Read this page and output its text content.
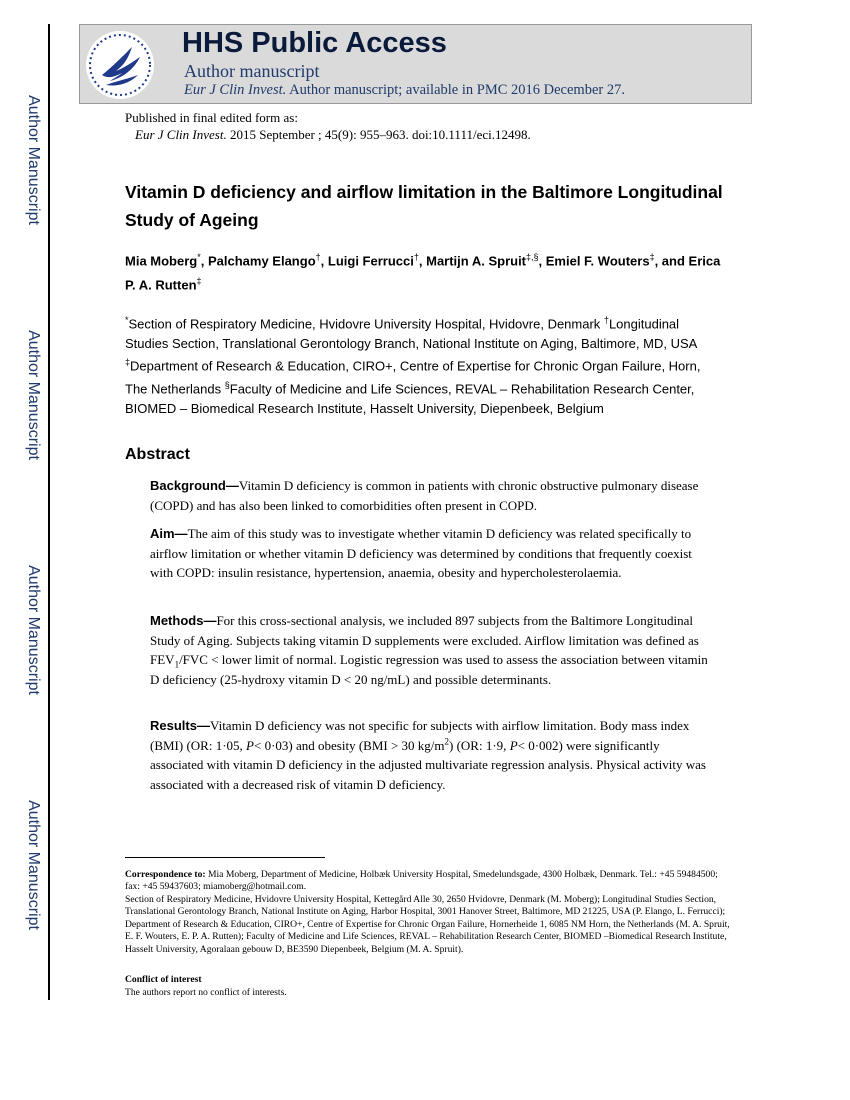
Author Manuscript
Author Manuscript
Author Manuscript
Author Manuscript
HHS Public Access
Author manuscript
Eur J Clin Invest. Author manuscript; available in PMC 2016 December 27.
Published in final edited form as:
Eur J Clin Invest. 2015 September ; 45(9): 955–963. doi:10.1111/eci.12498.
Vitamin D deficiency and airflow limitation in the Baltimore Longitudinal Study of Ageing
Mia Moberg*, Palchamy Elango†, Luigi Ferrucci†, Martijn A. Spruit‡,§, Emiel F. Wouters‡, and Erica P. A. Rutten‡
*Section of Respiratory Medicine, Hvidovre University Hospital, Hvidovre, Denmark †Longitudinal Studies Section, Translational Gerontology Branch, National Institute on Aging, Baltimore, MD, USA ‡Department of Research & Education, CIRO+, Centre of Expertise for Chronic Organ Failure, Horn, The Netherlands §Faculty of Medicine and Life Sciences, REVAL – Rehabilitation Research Center, BIOMED – Biomedical Research Institute, Hasselt University, Diepenbeek, Belgium
Abstract
Background—Vitamin D deficiency is common in patients with chronic obstructive pulmonary disease (COPD) and has also been linked to comorbidities often present in COPD.
Aim—The aim of this study was to investigate whether vitamin D deficiency was related specifically to airflow limitation or whether vitamin D deficiency was determined by conditions that frequently coexist with COPD: insulin resistance, hypertension, anaemia, obesity and hypercholesterolaemia.
Methods—For this cross-sectional analysis, we included 897 subjects from the Baltimore Longitudinal Study of Aging. Subjects taking vitamin D supplements were excluded. Airflow limitation was defined as $FEV_1$/FVC < lower limit of normal. Logistic regression was used to assess the association between vitamin D deficiency (25-hydroxy vitamin D < 20 ng/mL) and possible determinants.
Results—Vitamin D deficiency was not specific for subjects with airflow limitation. Body mass index (BMI) (OR: 1·05, P< 0·03) and obesity (BMI > 30 $kg/m^2$) (OR: 1·9, P< 0·002) were significantly associated with vitamin D deficiency in the adjusted multivariate regression analysis. Physical activity was associated with a decreased risk of vitamin D deficiency.
Correspondence to: Mia Moberg, Department of Medicine, Holbæk University Hospital, Smedelundsgade, 4300 Holbæk, Denmark. Tel.: +45 59484500; fax: +45 59437603; miamoberg@hotmail.com.
Section of Respiratory Medicine, Hvidovre University Hospital, Kettegård Alle 30, 2650 Hvidovre, Denmark (M. Moberg); Longitudinal Studies Section, Translational Gerontology Branch, National Institute on Aging, Harbor Hospital, 3001 Hanover Street, Baltimore, MD 21225, USA (P. Elango, L. Ferrucci); Department of Research & Education, CIRO+, Centre of Expertise for Chronic Organ Failure, Hornerheide 1, 6085 NM Horn, the Netherlands (M. A. Spruit, E. F. Wouters, E. P. A. Rutten); Faculty of Medicine and Life Sciences, REVAL – Rehabilitation Research Center, BIOMED –Biomedical Research Institute, Hasselt University, Agoralaan gebouw D, BE3590 Diepenbeek, Belgium (M. A. Spruit).
Conflict of interest
The authors report no conflict of interests.
